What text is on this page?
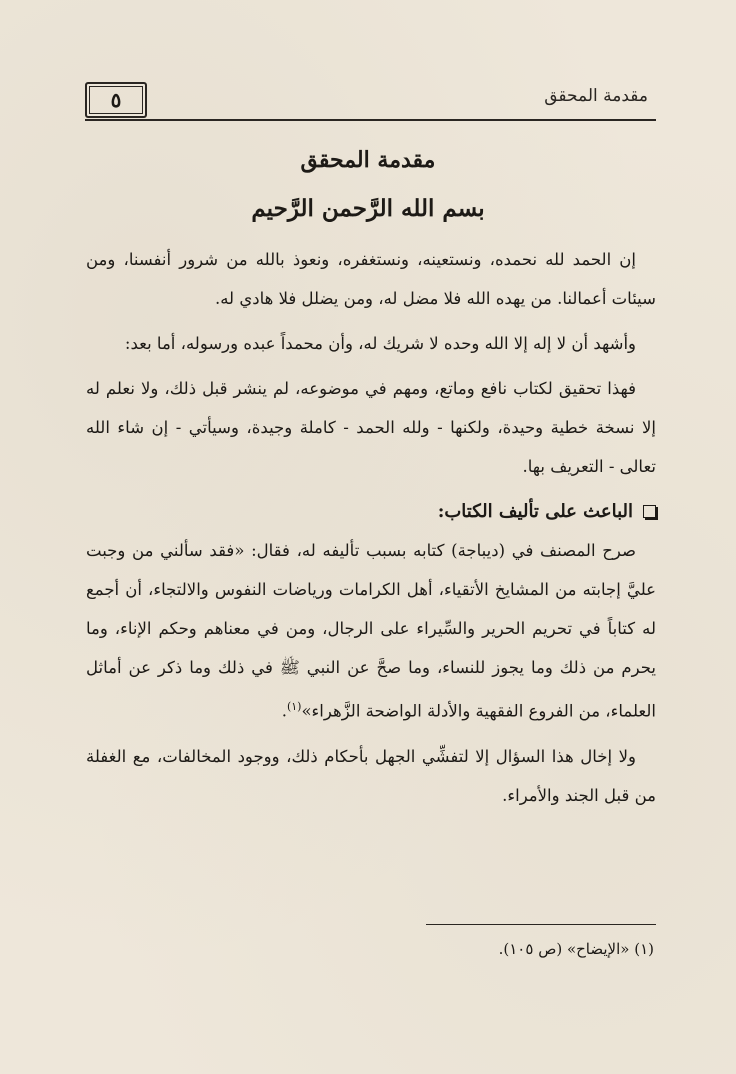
مقدمة المحقق
٥
مقدمة المحقق
بسم الله الرَّحمن الرَّحيم

إن الحمد لله نحمده، ونستعينه، ونستغفره، ونعوذ بالله من شرور أنفسنا، ومن سيئات أعمالنا. من يهده الله فلا مضل له، ومن يضلل فلا هادي له.

وأشهد أن لا إله إلا الله وحده لا شريك له، وأن محمداً عبده ورسوله، أما بعد:

فهذا تحقيق لكتاب نافع وماتع، ومهم في موضوعه، لم ينشر قبل ذلك، ولا نعلم له إلا نسخة خطية وحيدة، ولكنها - ولله الحمد - كاملة وجيدة، وسيأتي - إن شاء الله تعالى - التعريف بها.

الباعث على تأليف الكتاب:

صرح المصنف في (ديباجة) كتابه بسبب تأليفه له، فقال: «فقد سألني من وجبت عليَّ إجابته من المشايخ الأتقياء، أهل الكرامات ورياضات النفوس والالتجاء، أن أجمع له كتاباً في تحريم الحرير والسِّيراء على الرجال، ومن في معناهم وحكم الإناء، وما يحرم من ذلك وما يجوز للنساء، وما صحَّ عن النبي ﷺ في ذلك وما ذكر عن أماثل العلماء، من الفروع الفقهية والأدلة الواضحة الزَّهراء»$^{(١)}$.

ولا إخال هذا السؤال إلا لتفشِّي الجهل بأحكام ذلك، ووجود المخالفات، مع الغفلة من قبل الجند والأمراء.

(١) «الإيضاح» (ص ١٠٥).
